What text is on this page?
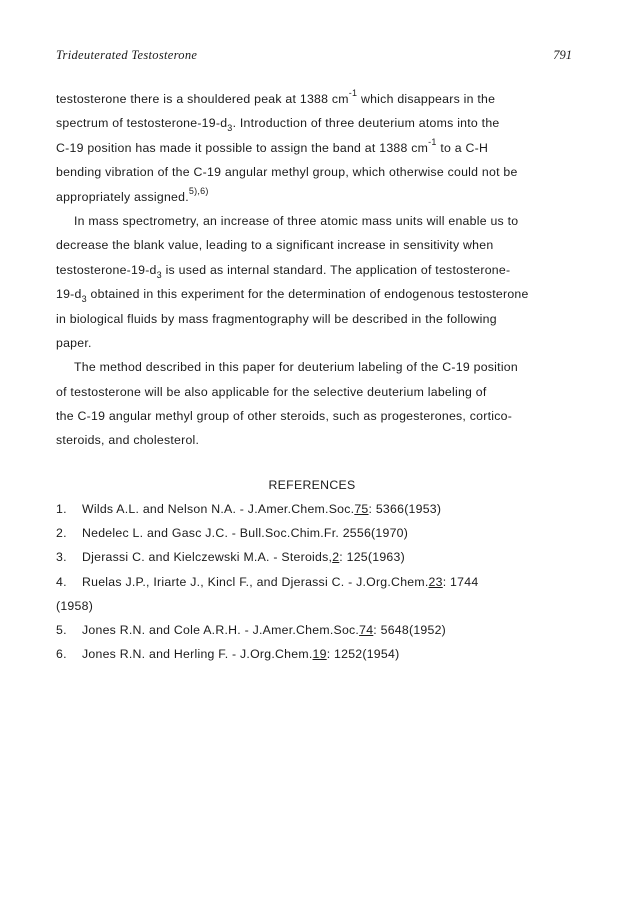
Trideuterated Testosterone	791
testosterone there is a shouldered peak at 1388 $cm^{-1}$ which disappears in the
spectrum of testosterone-$19-d_3$. Introduction of three deuterium atoms into the
C-19 position has made it possible to assign the band at 1388 $cm^{-1}$ to a C-H
bending vibration of the C-19 angular methyl group, which otherwise could not be
appropriately assigned.$^{5),6)}$
In mass spectrometry, an increase of three atomic mass units will enable us to
decrease the blank value, leading to a significant increase in sensitivity when
testosterone-$19-d_3$ is used as internal standard. The application of testosterone-
$19-d_3$ obtained in this experiment for the determination of endogenous testosterone
in biological fluids by mass fragmentography will be described in the following
paper.
The method described in this paper for deuterium labeling of the C-19 position
of testosterone will be also applicable for the selective deuterium labeling of
the C-19 angular methyl group of other steroids, such as progesterones, cortico-
steroids, and cholesterol.
REFERENCES
1. Wilds A.L. and Nelson N.A. - J.Amer.Chem.Soc.75: 5366(1953)
2. Nedelec L. and Gasc J.C. - Bull.Soc.Chim.Fr. 2556(1970)
3. Djerassi C. and Kielczewski M.A. - Steroids,2: 125(1963)
4. Ruelas J.P., Iriarte J., Kincl F., and Djerassi C. - J.Org.Chem.23: 1744
(1958)
5. Jones R.N. and Cole A.R.H. - J.Amer.Chem.Soc.74: 5648(1952)
6. Jones R.N. and Herling F. - J.Org.Chem.19: 1252(1954)
